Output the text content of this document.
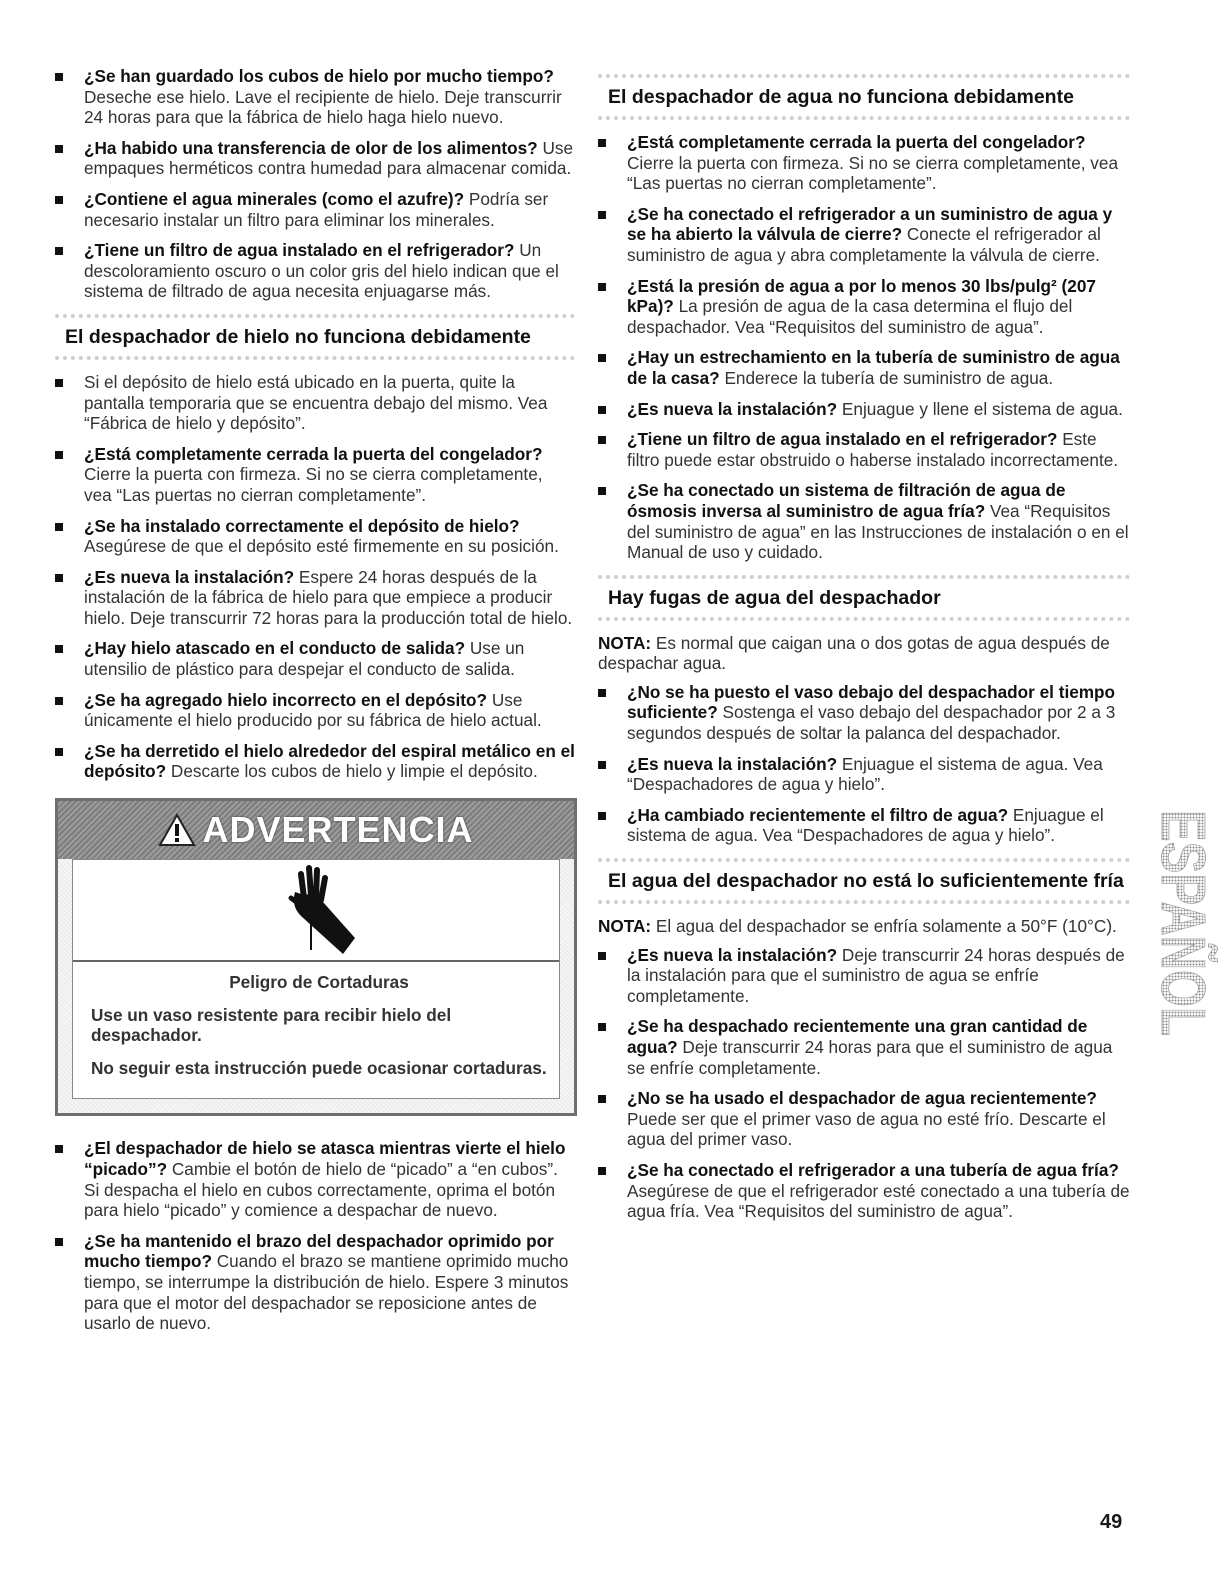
¿Se han guardado los cubos de hielo por mucho tiempo? Deseche ese hielo. Lave el recipiente de hielo. Deje transcurrir 24 horas para que la fábrica de hielo haga hielo nuevo.
¿Ha habido una transferencia de olor de los alimentos? Use empaques herméticos contra humedad para almacenar comida.
¿Contiene el agua minerales (como el azufre)? Podría ser necesario instalar un filtro para eliminar los minerales.
¿Tiene un filtro de agua instalado en el refrigerador? Un descoloramiento oscuro o un color gris del hielo indican que el sistema de filtrado de agua necesita enjuagarse más.
El despachador de hielo no funciona debidamente
Si el depósito de hielo está ubicado en la puerta, quite la pantalla temporaria que se encuentra debajo del mismo. Vea “Fábrica de hielo y depósito”.
¿Está completamente cerrada la puerta del congelador? Cierre la puerta con firmeza. Si no se cierra completamente, vea “Las puertas no cierran completamente”.
¿Se ha instalado correctamente el depósito de hielo? Asegúrese de que el depósito esté firmemente en su posición.
¿Es nueva la instalación? Espere 24 horas después de la instalación de la fábrica de hielo para que empiece a producir hielo. Deje transcurrir 72 horas para la producción total de hielo.
¿Hay hielo atascado en el conducto de salida? Use un utensilio de plástico para despejar el conducto de salida.
¿Se ha agregado hielo incorrecto en el depósito? Use únicamente el hielo producido por su fábrica de hielo actual.
¿Se ha derretido el hielo alrededor del espiral metálico en el depósito? Descarte los cubos de hielo y limpie el depósito.
ADVERTENCIA
Peligro de Cortaduras

Use un vaso resistente para recibir hielo del despachador.

No seguir esta instrucción puede ocasionar cortaduras.

¿El despachador de hielo se atasca mientras vierte el hielo “picado”? Cambie el botón de hielo de “picado” a “en cubos”. Si despacha el hielo en cubos correctamente, oprima el botón para hielo “picado” y comience a despachar de nuevo.
¿Se ha mantenido el brazo del despachador oprimido por mucho tiempo? Cuando el brazo se mantiene oprimido mucho tiempo, se interrumpe la distribución de hielo. Espere 3 minutos para que el motor del despachador se reposicione antes de usarlo de nuevo.
El despachador de agua no funciona debidamente
¿Está completamente cerrada la puerta del congelador? Cierre la puerta con firmeza. Si no se cierra completamente, vea “Las puertas no cierran completamente”.
¿Se ha conectado el refrigerador a un suministro de agua y se ha abierto la válvula de cierre? Conecte el refrigerador al suministro de agua y abra completamente la válvula de cierre.
¿Está la presión de agua a por lo menos 30 lbs/pulg² (207 kPa)? La presión de agua de la casa determina el flujo del despachador. Vea “Requisitos del suministro de agua”.
¿Hay un estrechamiento en la tubería de suministro de agua de la casa? Enderece la tubería de suministro de agua.
¿Es nueva la instalación? Enjuague y llene el sistema de agua.
¿Tiene un filtro de agua instalado en el refrigerador? Este filtro puede estar obstruido o haberse instalado incorrectamente.
¿Se ha conectado un sistema de filtración de agua de ósmosis inversa al suministro de agua fría? Vea “Requisitos del suministro de agua” en las Instrucciones de instalación o en el Manual de uso y cuidado.
Hay fugas de agua del despachador

NOTA: Es normal que caigan una o dos gotas de agua después de despachar agua.

¿No se ha puesto el vaso debajo del despachador el tiempo suficiente? Sostenga el vaso debajo del despachador por 2 a 3 segundos después de soltar la palanca del despachador.
¿Es nueva la instalación? Enjuague el sistema de agua. Vea “Despachadores de agua y hielo”.
¿Ha cambiado recientemente el filtro de agua? Enjuague el sistema de agua. Vea “Despachadores de agua y hielo”.
El agua del despachador no está lo suficientemente fría

NOTA: El agua del despachador se enfría solamente a 50°F (10°C).

¿Es nueva la instalación? Deje transcurrir 24 horas después de la instalación para que el suministro de agua se enfríe completamente.
¿Se ha despachado recientemente una gran cantidad de agua? Deje transcurrir 24 horas para que el suministro de agua se enfríe completamente.
¿No se ha usado el despachador de agua recientemente? Puede ser que el primer vaso de agua no esté frío. Descarte el agua del primer vaso.
¿Se ha conectado el refrigerador a una tubería de agua fría? Asegúrese de que el refrigerador esté conectado a una tubería de agua fría. Vea “Requisitos del suministro de agua”.
ESPAÑOL
49
